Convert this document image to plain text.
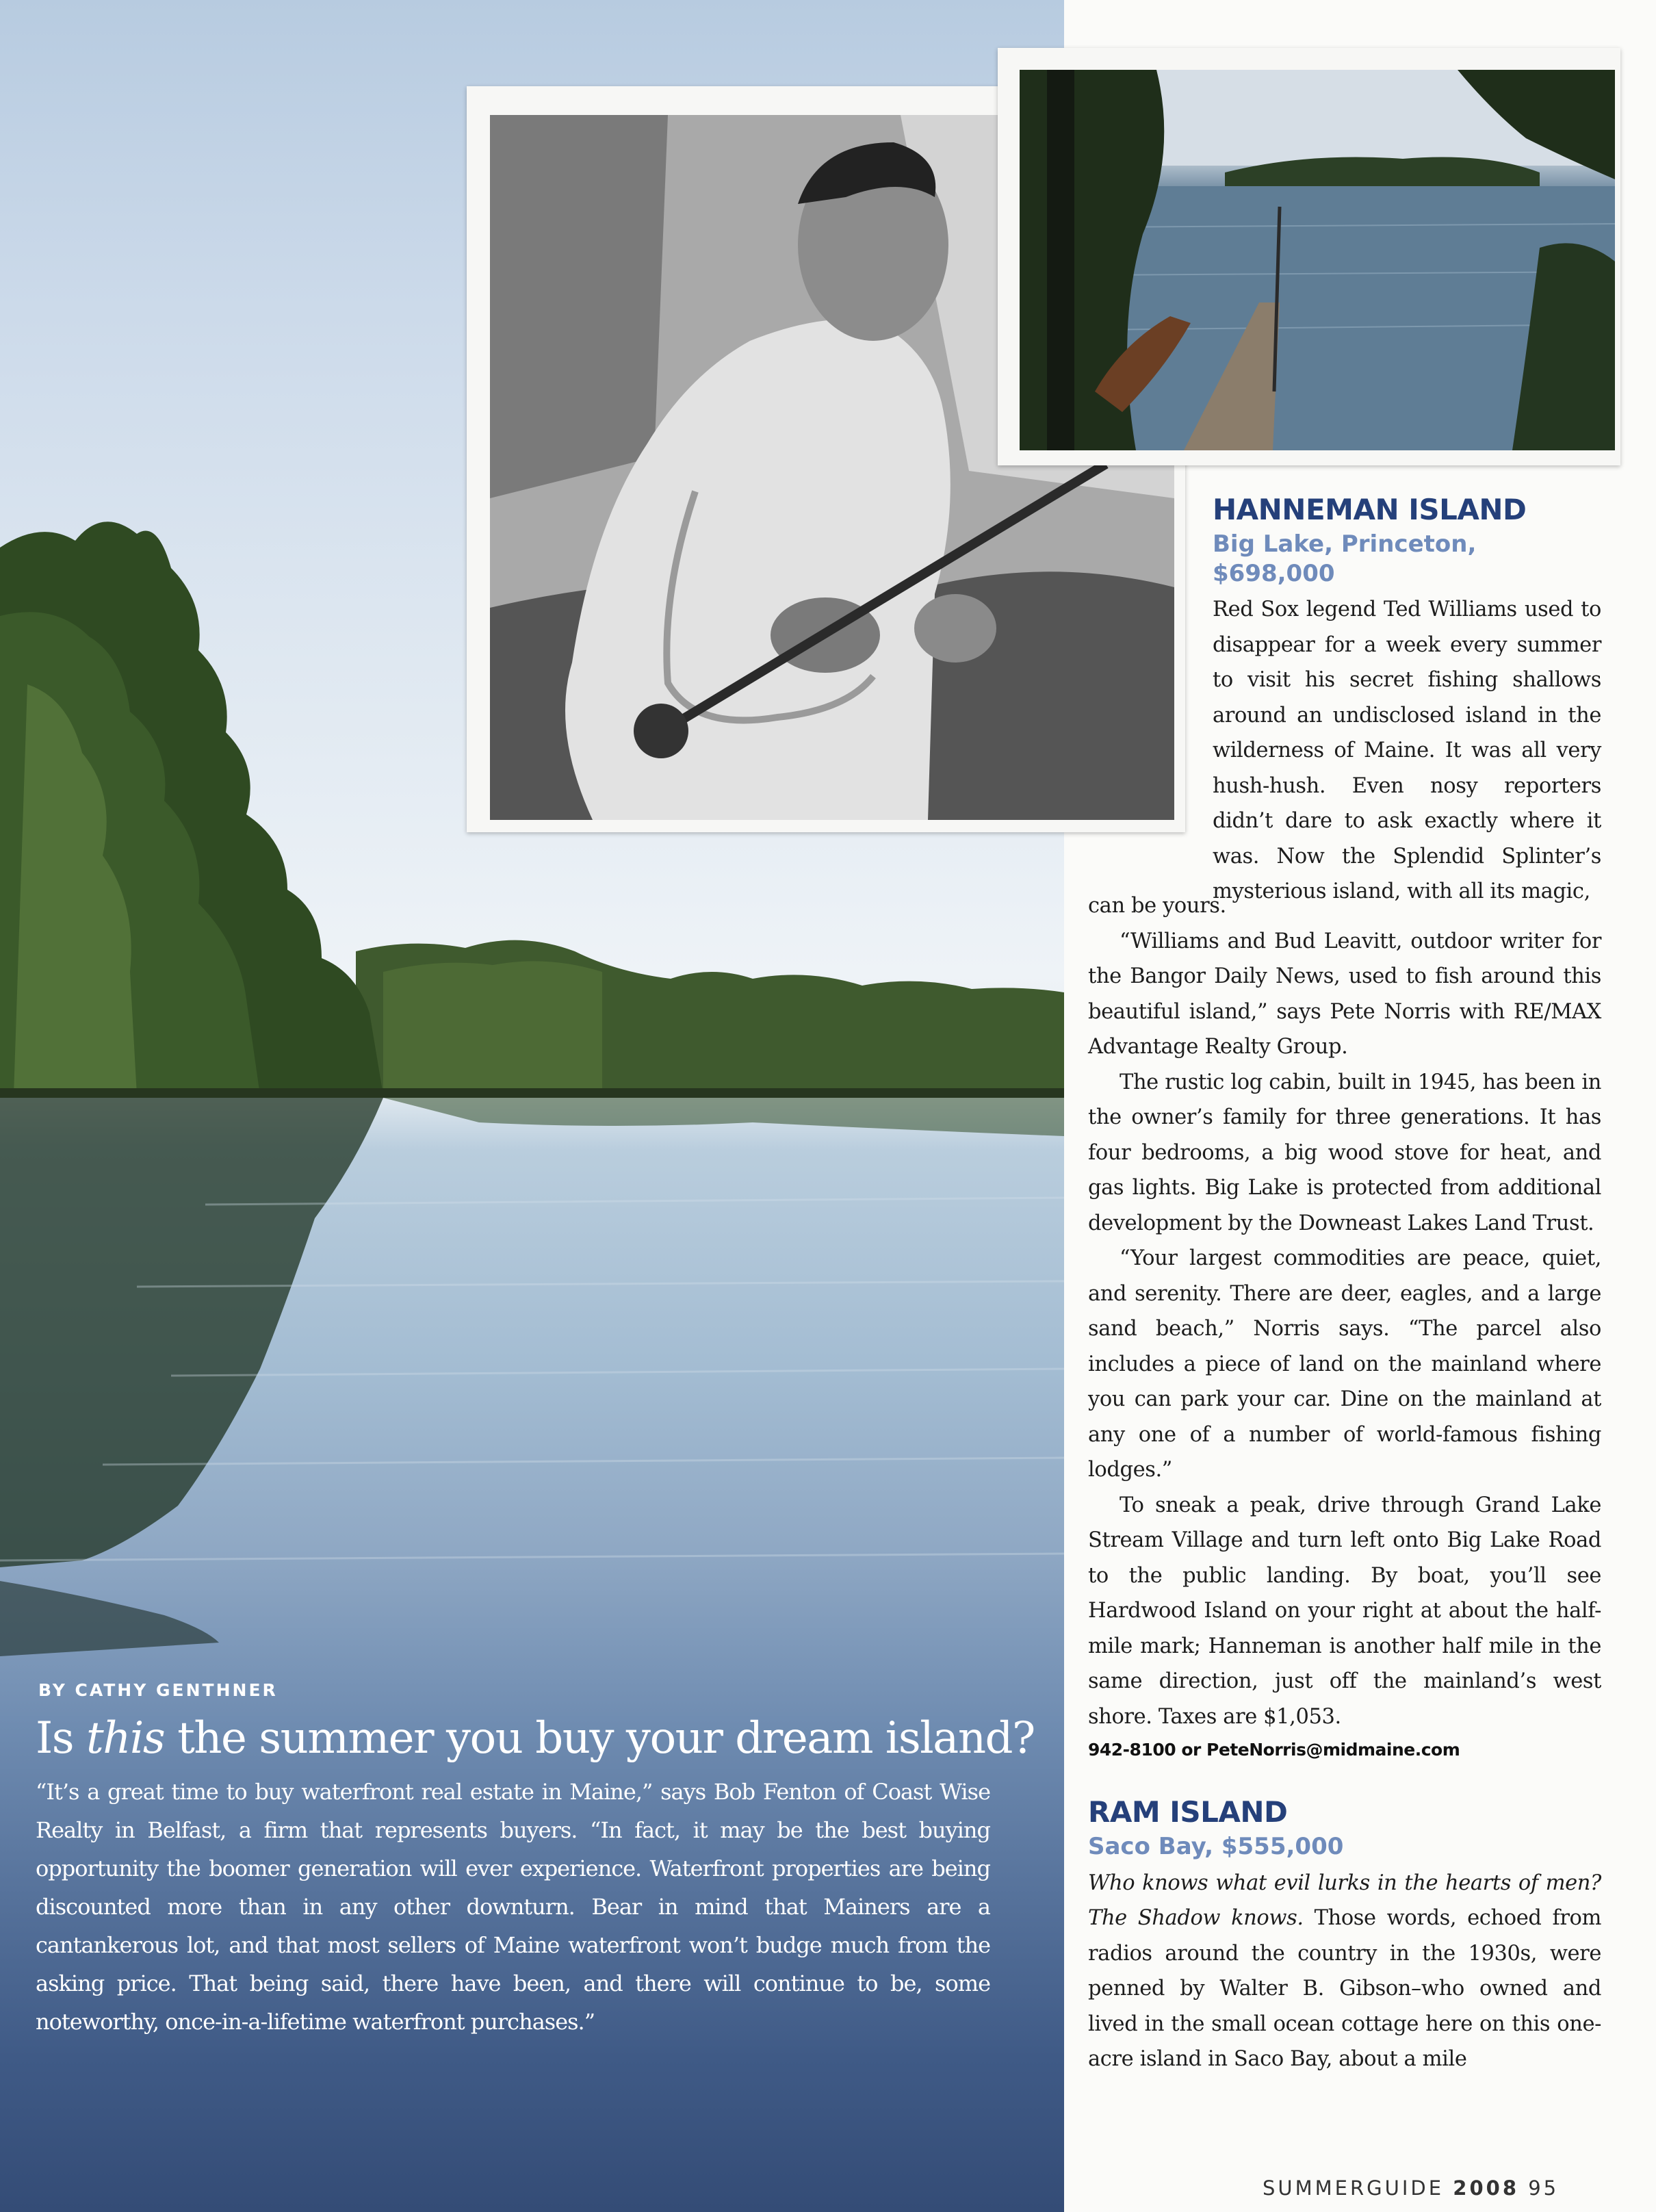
HANNEMAN ISLAND
Big Lake, Princeton, $698,000
Red Sox legend Ted Williams used to disappear for a week every summer to visit his secret fishing shallows around an undisclosed island in the wilderness of Maine. It was all very hush-hush. Even nosy reporters didn’t dare to ask exactly where it was. Now the Splendid Splinter’s mysterious island, with all its magic,

can be yours.

“Williams and Bud Leavitt, outdoor writer for the Bangor Daily News, used to fish around this beautiful island,” says Pete Norris with RE/MAX Advantage Realty Group.

The rustic log cabin, built in 1945, has been in the owner’s family for three generations. It has four bedrooms, a big wood stove for heat, and gas lights. Big Lake is protected from additional development by the Downeast Lakes Land Trust.

“Your largest commodities are peace, quiet, and serenity. There are deer, eagles, and a large sand beach,” Norris says. “The parcel also includes a piece of land on the mainland where you can park your car. Dine on the mainland at any one of a number of world-famous fishing lodges.”

To sneak a peak, drive through Grand Lake Stream Village and turn left onto Big Lake Road to the public landing. By boat, you’ll see Hardwood Island on your right at about the half-mile mark; Hanneman is another half mile in the same direction, just off the mainland’s west shore. Taxes are $1,053.

942-8100 or PeteNorris@midmaine.com
RAM ISLAND
Saco Bay, $555,000

Who knows what evil lurks in the hearts of men? The Shadow knows. Those words, echoed from radios around the country in the 1930s, were penned by Walter B. Gibson–who owned and lived in the small ocean cottage here on this one-acre island in Saco Bay, about a mile

BY CATHY GENTHNER
Is this the summer you buy your dream island?
“It’s a great time to buy waterfront real estate in Maine,” says Bob Fenton of Coast Wise Realty in Belfast, a firm that represents buyers. “In fact, it may be the best buying opportunity the boomer generation will ever experience. Waterfront properties are being discounted more than in any other downturn. Bear in mind that Mainers are a cantankerous lot, and that most sellers of Maine waterfront won’t budge much from the asking price. That being said, there have been, and there will continue to be, some noteworthy, once-in-a-lifetime waterfront purchases.”
SUMMERGUIDE 2008 95
